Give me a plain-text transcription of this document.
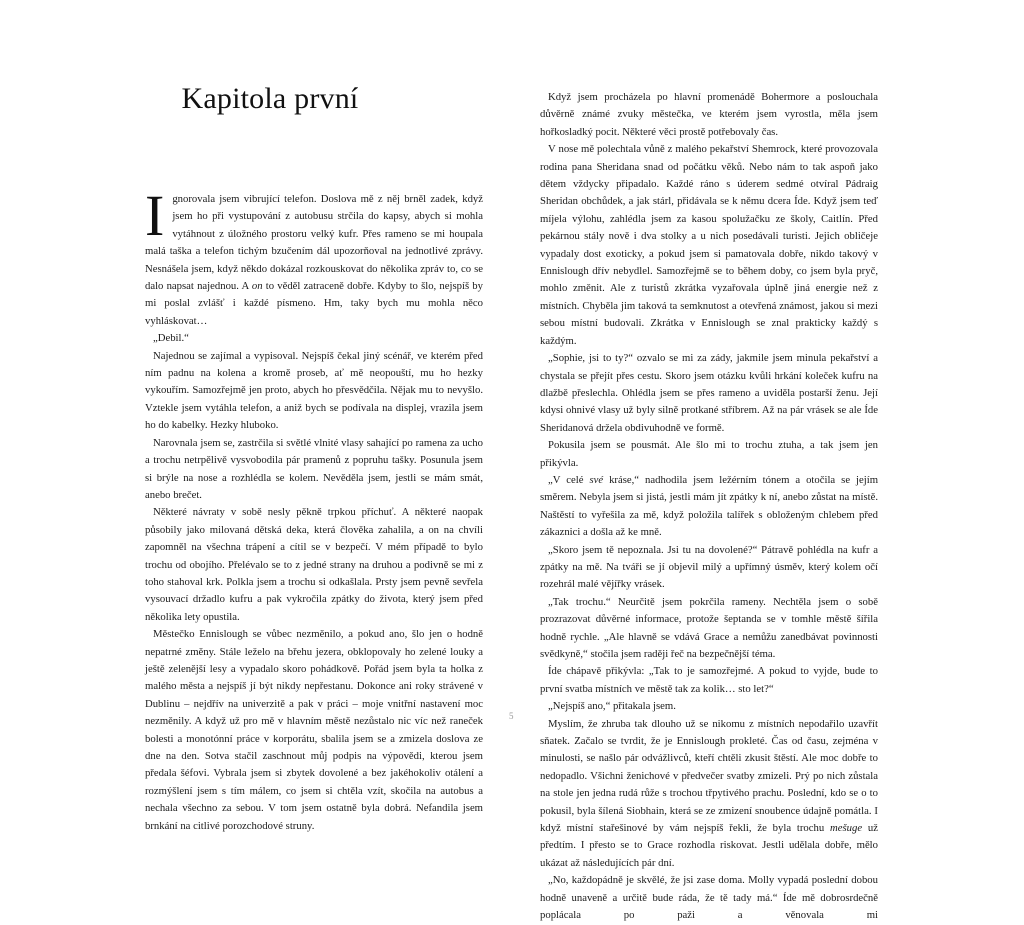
Kapitola první

Ignorovala jsem vibrující telefon. Doslova mě z něj brněl zadek, když jsem ho při vystupování z autobusu strčila do kapsy, abych si mohla vytáhnout z úložného prostoru velký kufr. Přes rameno se mi houpala malá taška a telefon tichým bzučením dál upozorňoval na jednotlivé zprávy. Nesnášela jsem, když někdo dokázal rozkouskovat do několika zpráv to, co se dalo napsat najednou. A on to věděl zatraceně dobře. Kdyby to šlo, nejspíš by mi poslal zvlášť i každé písmeno. Hm, taky bych mu mohla něco vyhláskovat…

„Debil.“

Najednou se zajímal a vypisoval. Nejspíš čekal jiný scénář, ve kterém před ním padnu na kolena a kromě proseb, ať mě neopouští, mu ho hezky vykouřím. Samozřejmě jen proto, abych ho přesvědčila. Nějak mu to nevyšlo. Vztekle jsem vytáhla telefon, a aniž bych se podívala na displej, vrazila jsem ho do kabelky. Hezky hluboko.

Narovnala jsem se, zastrčila si světlé vlnité vlasy sahající po ramena za ucho a trochu netrpělivě vysvobodila pár pramenů z popruhu tašky. Posunula jsem si brýle na nose a rozhlédla se kolem. Nevěděla jsem, jestli se mám smát, anebo brečet.

Některé návraty v sobě nesly pěkně trpkou příchuť. A některé naopak působily jako milovaná dětská deka, která člověka zahalila, a on na chvíli zapomněl na všechna trápení a cítil se v bezpečí. V mém případě to bylo trochu od obojího. Přelévalo se to z jedné strany na druhou a podivně se mi z toho stahoval krk. Polkla jsem a trochu si odkašlala. Prsty jsem pevně sevřela vysouvací držadlo kufru a pak vykročila zpátky do života, který jsem před několika lety opustila.

Městečko Ennislough se vůbec nezměnilo, a pokud ano, šlo jen o hodně nepatrné změny. Stále leželo na břehu jezera, obklopovaly ho zelené louky a ještě zelenější lesy a vypadalo skoro pohádkově. Pořád jsem byla ta holka z malého města a nejspíš jí být nikdy nepřestanu. Dokonce ani roky strávené v Dublinu – nejdřív na univerzitě a pak v práci – moje vnitřní nastavení moc nezměnily. A když už pro mě v hlavním městě nezůstalo nic víc než raneček bolesti a monotónní práce v korporátu, sbalila jsem se a zmizela doslova ze dne na den. Sotva stačil zaschnout můj podpis na výpovědi, kterou jsem předala šéfovi. Vybrala jsem si zbytek dovolené a bez jakéhokoliv otálení a rozmýšlení jsem s tím málem, co jsem si chtěla vzít, skočila na autobus a nechala všechno za sebou. V tom jsem ostatně byla dobrá. Nefandila jsem brnkání na citlivé porozchodové struny.

Když jsem procházela po hlavní promenádě Bohermore a poslouchala důvěrně známé zvuky městečka, ve kterém jsem vyrostla, měla jsem hořkosladký pocit. Některé věci prostě potřebovaly čas.

V nose mě polechtala vůně z malého pekařství Shemrock, které provozovala rodina pana Sheridana snad od počátku věků. Nebo nám to tak aspoň jako dětem vždycky připadalo. Každé ráno s úderem sedmé otvíral Pádraig Sheridan obchůdek, a jak stárl, přidávala se k němu dcera Íde. Když jsem teď míjela výlohu, zahlédla jsem za kasou spolužačku ze školy, Caitlín. Před pekárnou stály nově i dva stolky a u nich posedávali turisti. Jejich obličeje vypadaly dost exoticky, a pokud jsem si pamatovala dobře, nikdo takový v Ennislough dřív nebydlel. Samozřejmě se to během doby, co jsem byla pryč, mohlo změnit. Ale z turistů zkrátka vyzařovala úplně jiná energie než z místních. Chyběla jim taková ta semknutost a otevřená známost, jakou si mezi sebou místní budovali. Zkrátka v Ennislough se znal prakticky každý s každým.

„Sophie, jsi to ty?“ ozvalo se mi za zády, jakmile jsem minula pekařství a chystala se přejít přes cestu. Skoro jsem otázku kvůli hrkání koleček kufru na dlažbě přeslechla. Ohlédla jsem se přes rameno a uviděla postarší ženu. Její kdysi ohnivé vlasy už byly silně protkané stříbrem. Až na pár vrásek se ale Íde Sheridanová držela obdivuhodně ve formě.

Pokusila jsem se pousmát. Ale šlo mi to trochu ztuha, a tak jsem jen přikývla.

„V celé své kráse,“ nadhodila jsem ležérním tónem a otočila se jejím směrem. Nebyla jsem si jistá, jestli mám jít zpátky k ní, anebo zůstat na místě. Naštěstí to vyřešila za mě, když položila talířek s obloženým chlebem před zákaznici a došla až ke mně.

„Skoro jsem tě nepoznala. Jsi tu na dovolené?“ Pátravě pohlédla na kufr a zpátky na mě. Na tváři se jí objevil milý a upřímný úsměv, který kolem očí rozehrál malé vějířky vrásek.

„Tak trochu.“ Neurčitě jsem pokrčila rameny. Nechtěla jsem o sobě prozrazovat důvěrné informace, protože šeptanda se v tomhle městě šířila hodně rychle. „Ale hlavně se vdává Grace a nemůžu zanedbávat povinnosti svědkyně,“ stočila jsem raději řeč na bezpečnější téma.

Íde chápavě přikývla: „Tak to je samozřejmé. A pokud to vyjde, bude to první svatba místních ve městě tak za kolik… sto let?“

„Nejspíš ano,“ přitakala jsem.

Myslím, že zhruba tak dlouho už se nikomu z místních nepodařilo uzavřít sňatek. Začalo se tvrdit, že je Ennislough prokleté. Čas od času, zejména v minulosti, se našlo pár odvážlivců, kteří chtěli zkusit štěstí. Ale moc dobře to nedopadlo. Všichni ženichové v předvečer svatby zmizeli. Prý po nich zůstala na stole jen jedna rudá růže s trochou třpytivého prachu. Poslední, kdo se o to pokusil, byla šílená Siobhain, která se ze zmizení snoubence údajně pomátla. I když místní stařešinové by vám nejspíš řekli, že byla trochu mešuge už předtím. I přesto se to Grace rozhodla riskovat. Jestli udělala dobře, mělo ukázat až následujících pár dní.

„No, každopádně je skvělé, že jsi zase doma. Molly vypadá poslední dobou hodně unaveně a určitě bude ráda, že tě tady má.“ Íde mě dobrosrdečně poplácala po paži a věnovala mi

5
